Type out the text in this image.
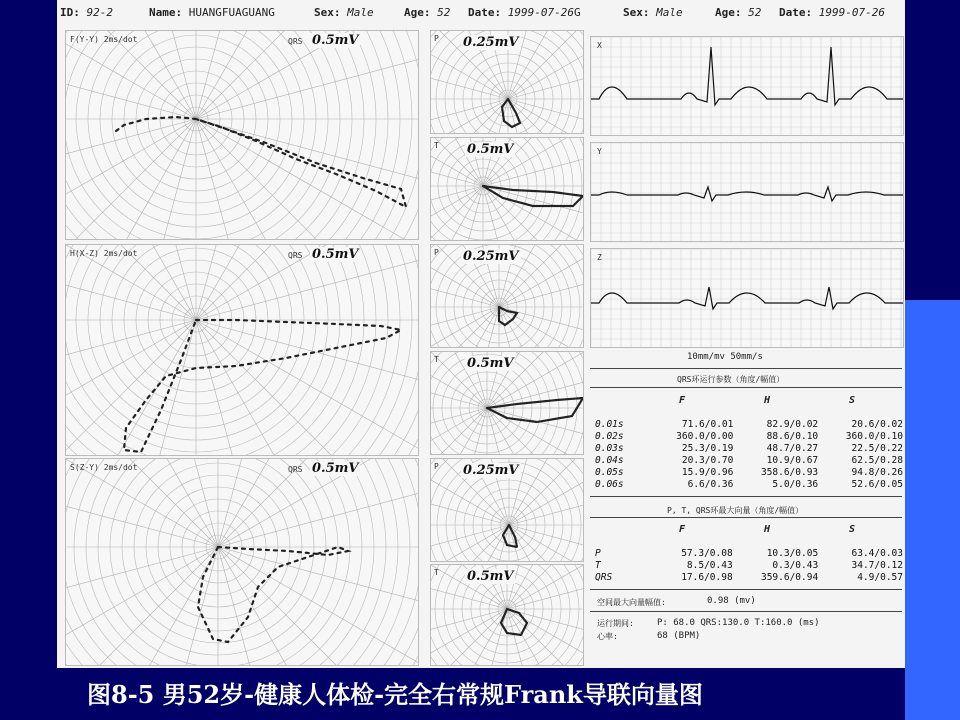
ID: 92-2	Name: HUANGFUAGUANG	Sex: Male	Age: 52 Date: 1999-07-26G	Sex: Male	Age: 52 Date: 1999-07-26
F(Y-Y) 2ms/dot	QRS 0.5mV
H(X-Z) 2ms/dot	QRS 0.5mV
S(Z-Y) 2ms/dot	QRS 0.5mV
P 0.25mV
T 0.5mV
P 0.25mV
T 0.5mV
P 0.25mV
T 0.5mV
X
Y
Z
10mm/mv 50mm/s
QRS环运行参数（角度/幅值）
F	H	S
0.01s	71.6/0.01	82.9/0.02	20.6/0.02
0.02s	360.0/0.00	88.6/0.10	360.0/0.10
0.03s	25.3/0.19	48.7/0.27	22.5/0.22
0.04s	20.3/0.70	10.9/0.67	62.5/0.28
0.05s	15.9/0.96	358.6/0.93	94.8/0.26
0.06s	6.6/0.36	5.0/0.36	52.6/0.05
P, T, QRS环最大向量（角度/幅值）
F	H	S
P	57.3/0.08	10.3/0.05	63.4/0.03
T	8.5/0.43	0.3/0.43	34.7/0.12
QRS	17.6/0.98	359.6/0.94	4.9/0.57
空间最大向量幅值:	0.98 (mv)
运行期间:	P: 68.0 QRS:130.0 T:160.0 (ms)
心率:	68 (BPM)
图8-5 男52岁-健康人体检-完全右常规Frank导联向量图
